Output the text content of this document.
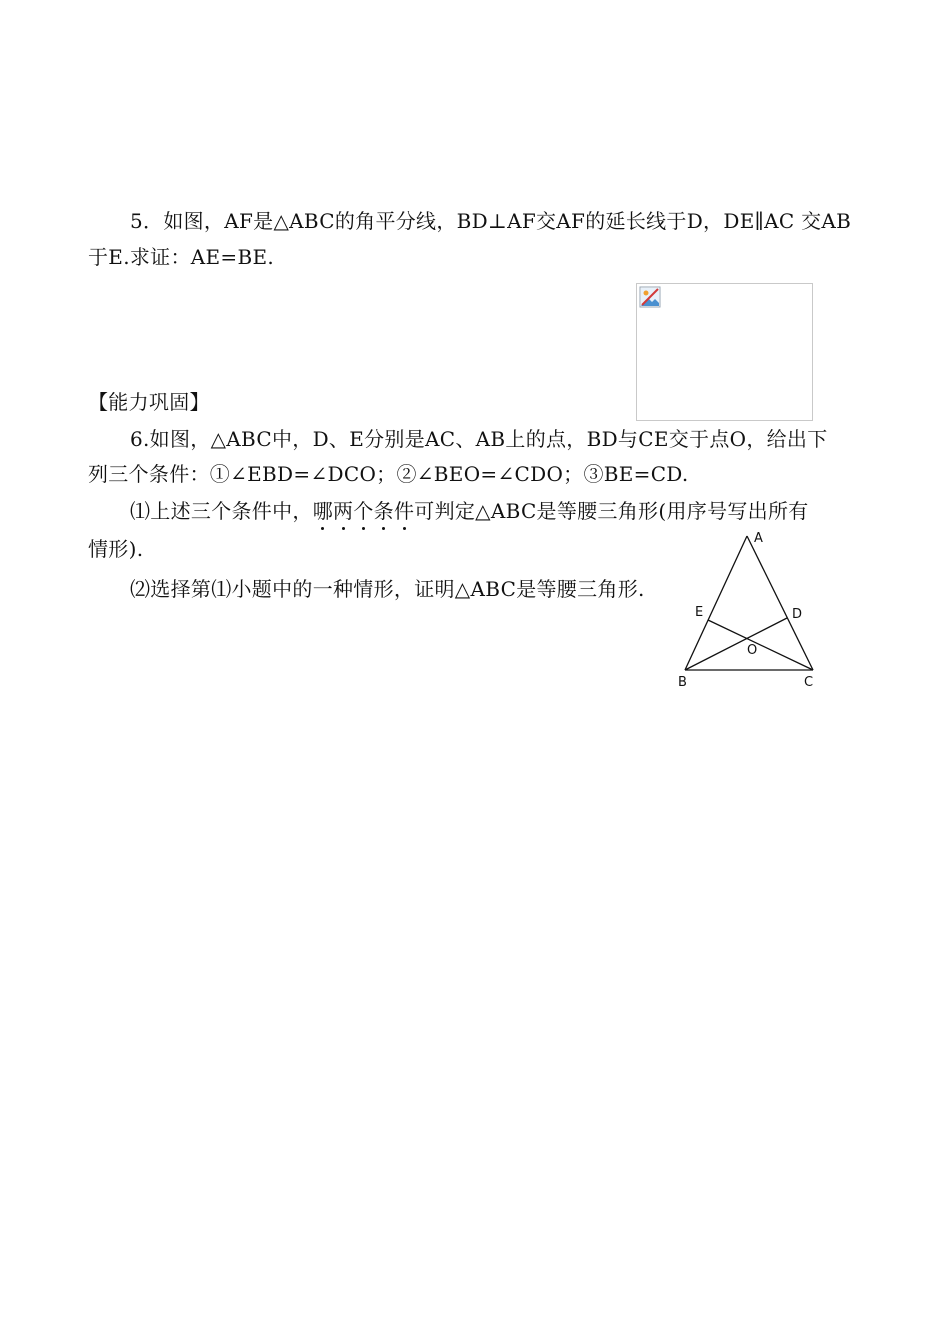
5．如图，AF是△ABC的角平分线，BD⊥AF交AF的延长线于D，DE∥AC 交AB
于E.求证：AE=BE.
【能力巩固】
6.如图，△ABC中，D、E分别是AC、AB上的点，BD与CE交于点O，给出下
列三个条件：①∠EBD=∠DCO；②∠BEO=∠CDO；③BE=CD.
⑴上述三个条件中，哪两个条件可判定△ABC是等腰三角形(用序号写出所有
情形).
⑵选择第⑴小题中的一种情形，证明△ABC是等腰三角形.
A
E	D
O
B	C
